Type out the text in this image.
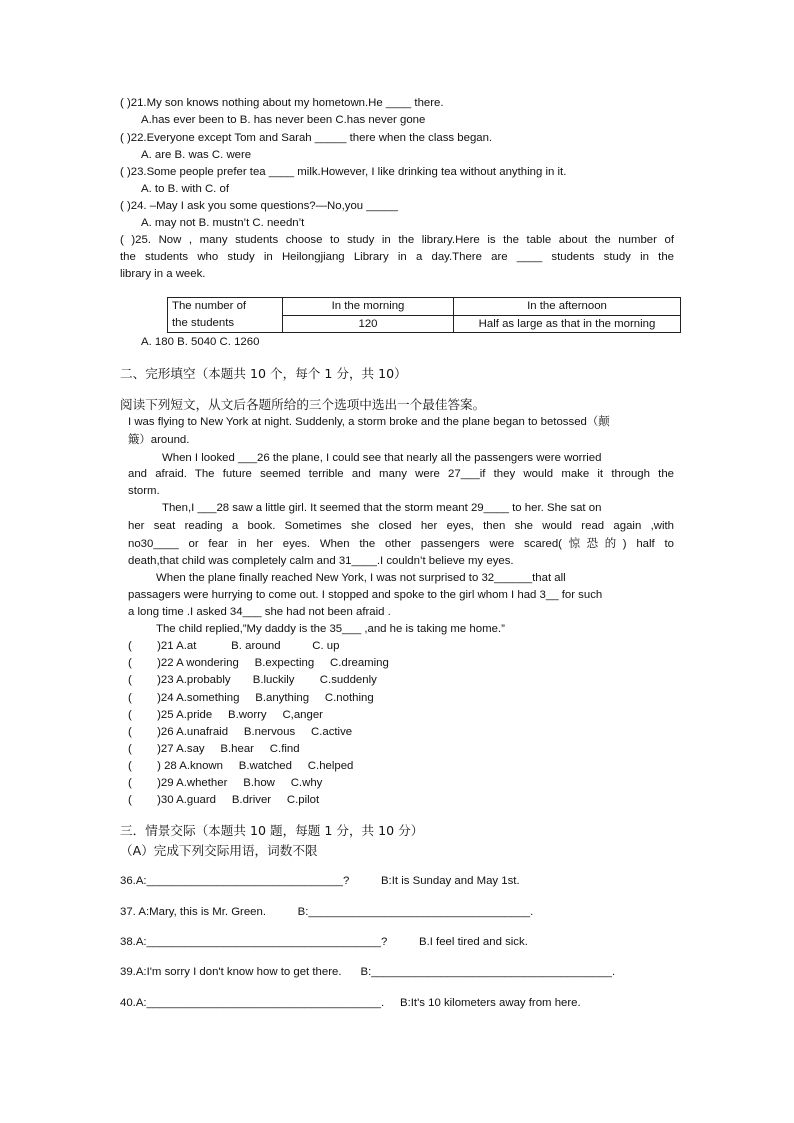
( )21.My son knows nothing about my hometown.He ____ there.
A.has ever been to B. has never been C.has never gone
( )22.Everyone except Tom and Sarah _____ there when the class began.
A. are B. was C. were
( )23.Some people prefer tea ____ milk.However, I like drinking tea without anything in it.
A. to B. with C. of
( )24. –May I ask you some questions?—No,you _____
A. may not B. mustn’t C. needn’t
( )25. Now , many students choose to study in the library.Here is the table about the number of
the students who study in Heilongjiang Library in a day.There are ____ students study in the
library in a week.
The number of
the students	In the morning	In the afternoon
	120	Half as large as that in the morning
A. 180 B. 5040 C. 1260
二、完形填空（本题共 10 个，每个 1 分，共 10）
阅读下列短文，从文后各题所给的三个选项中选出一个最佳答案。
I was flying to New York at night. Suddenly, a storm broke and the plane began to betossed（颠
簸）around.
When I looked ___26 the plane, I could see that nearly all the passengers were worried
and afraid. The future seemed terrible and many were 27___if they would make it through the
storm.
Then,I ___28 saw a little girl. It seemed that the storm meant 29____ to her. She sat on
her seat reading a book. Sometimes she closed her eyes, then she would read again ,with
no30____ or fear in her eyes. When the other passengers were scared(惊恐的) half to
death,that child was completely calm and 31____.I couldn’t believe my eyes.
When the plane finally reached New York, I was not surprised to 32______that all
passagers were hurrying to come out. I stopped and spoke to the girl whom I had 3__ for such
a long time .I asked 34___ she had not been afraid .
The child replied,”My daddy is the 35___ ,and he is taking me home.”
(        )21 A.at           B. around          C. up
(        )22 A wondering     B.expecting     C.dreaming
(        )23 A.probably       B.luckily        C.suddenly
(        )24 A.something     B.anything     C.nothing
(        )25 A.pride     B.worry     C,anger
(        )26 A.unafraid     B.nervous     C.active
(        )27 A.say     B.hear     C.find
(        ) 28 A.known     B.watched     C.helped
(        )29 A.whether     B.how     C.why
(        )30 A.guard     B.driver     C.pilot
三．情景交际（本题共 10 题，每题 1 分，共 10 分）
（A）完成下列交际用语，词数不限
36.A:_______________________________?          B:It is Sunday and May 1st.
37. A:Mary, this is Mr. Green.          B:___________________________________.
38.A:_____________________________________?          B.I feel tired and sick.
39.A:I'm sorry I don't know how to get there.      B:______________________________________.
40.A:_____________________________________.     B:It's 10 kilometers away from here.
